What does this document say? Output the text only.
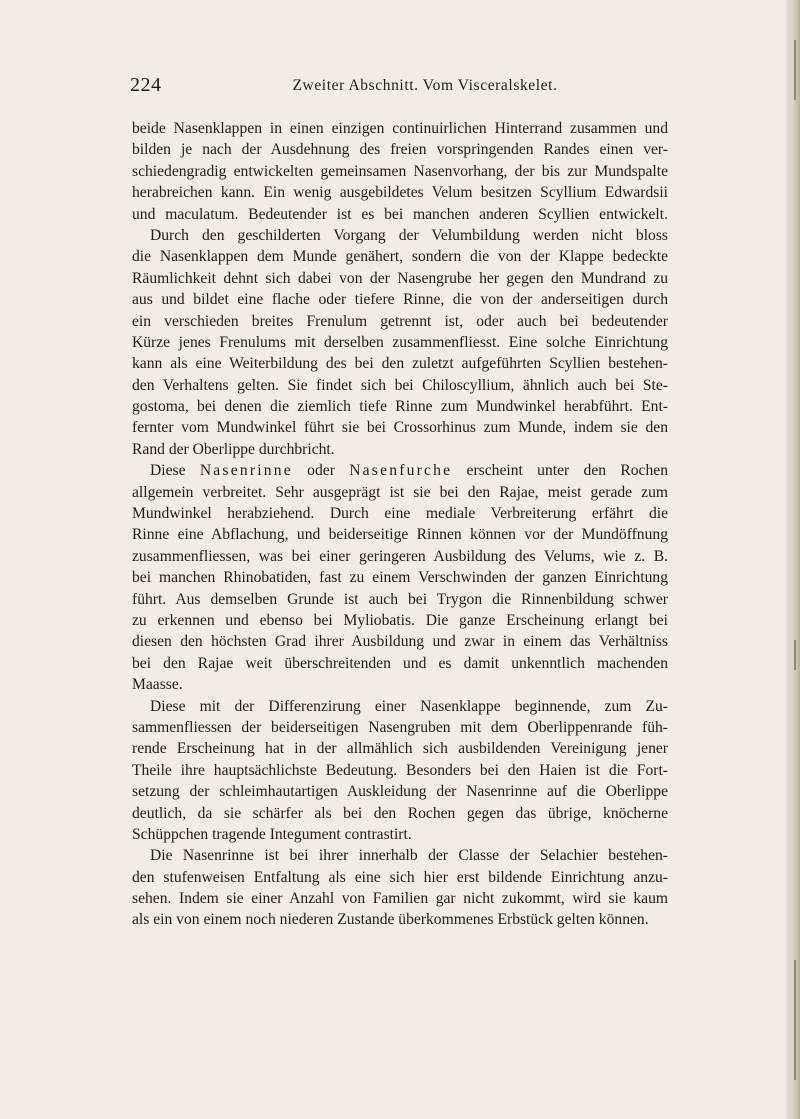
224	Zweiter Abschnitt. Vom Visceralskelet.
beide Nasenklappen in einen einzigen continuirlichen Hinterrand zusammen und
bilden je nach der Ausdehnung des freien vorspringenden Randes einen ver-
schiedengradig entwickelten gemeinsamen Nasenvorhang, der bis zur Mundspalte
herabreichen kann. Ein wenig ausgebildetes Velum besitzen Scyllium Edwardsii
und maculatum. Bedeutender ist es bei manchen anderen Scyllien entwickelt.
Durch den geschilderten Vorgang der Velumbildung werden nicht bloss
die Nasenklappen dem Munde genähert, sondern die von der Klappe bedeckte
Räumlichkeit dehnt sich dabei von der Nasengrube her gegen den Mundrand zu
aus und bildet eine flache oder tiefere Rinne, die von der anderseitigen durch
ein verschieden breites Frenulum getrennt ist, oder auch bei bedeutender
Kürze jenes Frenulums mit derselben zusammenfliesst. Eine solche Einrichtung
kann als eine Weiterbildung des bei den zuletzt aufgeführten Scyllien bestehen-
den Verhaltens gelten. Sie findet sich bei Chiloscyllium, ähnlich auch bei Ste-
gostoma, bei denen die ziemlich tiefe Rinne zum Mundwinkel herabführt. Ent-
fernter vom Mundwinkel führt sie bei Crossorhinus zum Munde, indem sie den
Rand der Oberlippe durchbricht.
Diese Nasenrinne oder Nasenfurche erscheint unter den Rochen
allgemein verbreitet. Sehr ausgeprägt ist sie bei den Rajae, meist gerade zum
Mundwinkel herabziehend. Durch eine mediale Verbreiterung erfährt die
Rinne eine Abflachung, und beiderseitige Rinnen können vor der Mundöffnung
zusammenfliessen, was bei einer geringeren Ausbildung des Velums, wie z. B.
bei manchen Rhinobatiden, fast zu einem Verschwinden der ganzen Einrichtung
führt. Aus demselben Grunde ist auch bei Trygon die Rinnenbildung schwer
zu erkennen und ebenso bei Myliobatis. Die ganze Erscheinung erlangt bei
diesen den höchsten Grad ihrer Ausbildung und zwar in einem das Verhältniss
bei den Rajae weit überschreitenden und es damit unkenntlich machenden
Maasse.
Diese mit der Differenzirung einer Nasenklappe beginnende, zum Zu-
sammenfliessen der beiderseitigen Nasengruben mit dem Oberlippenrande füh-
rende Erscheinung hat in der allmählich sich ausbildenden Vereinigung jener
Theile ihre hauptsächlichste Bedeutung. Besonders bei den Haien ist die Fort-
setzung der schleimhautartigen Auskleidung der Nasenrinne auf die Oberlippe
deutlich, da sie schärfer als bei den Rochen gegen das übrige, knöcherne
Schüppchen tragende Integument contrastirt.
Die Nasenrinne ist bei ihrer innerhalb der Classe der Selachier bestehen-
den stufenweisen Entfaltung als eine sich hier erst bildende Einrichtung anzu-
sehen. Indem sie einer Anzahl von Familien gar nicht zukommt, wird sie kaum
als ein von einem noch niederen Zustande überkommenes Erbstück gelten können.
